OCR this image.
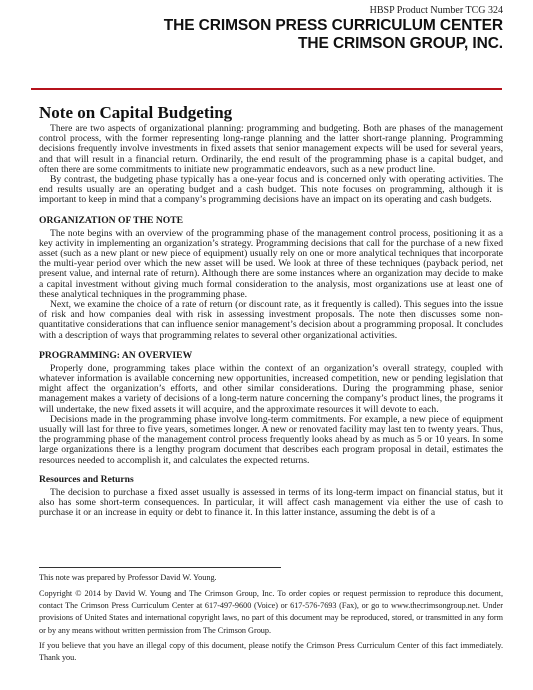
HBSP Product Number TCG 324
THE CRIMSON PRESS CURRICULUM CENTER
THE CRIMSON GROUP, INC.
Note on Capital Budgeting

There are two aspects of organizational planning: programming and budgeting. Both are phases of the management control process, with the former representing long-range planning and the latter short-range planning. Programming decisions frequently involve investments in fixed assets that senior management expects will be used for several years, and that will result in a financial return. Ordinarily, the end result of the programming phase is a capital budget, and often there are some commitments to initiate new programmatic endeavors, such as a new product line.

By contrast, the budgeting phase typically has a one-year focus and is concerned only with operating activities. The end results usually are an operating budget and a cash budget. This note focuses on programming, although it is important to keep in mind that a company’s programming decisions have an impact on its operating and cash budgets.

ORGANIZATION OF THE NOTE

The note begins with an overview of the programming phase of the management control process, positioning it as a key activity in implementing an organization’s strategy. Programming decisions that call for the purchase of a new fixed asset (such as a new plant or new piece of equipment) usually rely on one or more analytical techniques that incorporate the multi-year period over which the new asset will be used. We look at three of these techniques (payback period, net present value, and internal rate of return). Although there are some instances where an organization may decide to make a capital investment without giving much formal consideration to the analysis, most organizations use at least one of these analytical techniques in the programming phase.

Next, we examine the choice of a rate of return (or discount rate, as it frequently is called). This segues into the issue of risk and how companies deal with risk in assessing investment proposals. The note then discusses some non-quantitative considerations that can influence senior management’s decision about a programming proposal. It concludes with a description of ways that programming relates to several other organizational activities.

PROGRAMMING: AN OVERVIEW

Properly done, programming takes place within the context of an organization’s overall strategy, coupled with whatever information is available concerning new opportunities, increased competition, new or pending legislation that might affect the organization’s efforts, and other similar considerations. During the programming phase, senior management makes a variety of decisions of a long-term nature concerning the company’s product lines, the programs it will undertake, the new fixed assets it will acquire, and the approximate resources it will devote to each.

Decisions made in the programming phase involve long-term commitments. For example, a new piece of equipment usually will last for three to five years, sometimes longer. A new or renovated facility may last ten to twenty years. Thus, the programming phase of the management control process frequently looks ahead by as much as 5 or 10 years. In some large organizations there is a lengthy program document that describes each program proposal in detail, estimates the resources needed to accomplish it, and calculates the expected returns.

Resources and Returns

The decision to purchase a fixed asset usually is assessed in terms of its long-term impact on financial status, but it also has some short-term consequences. In particular, it will affect cash management via either the use of cash to purchase it or an increase in equity or debt to finance it. In this latter instance, assuming the debt is of a

This note was prepared by Professor David W. Young.
Copyright © 2014 by David W. Young and The Crimson Group, Inc. To order copies or request permission to reproduce this document, contact The Crimson Press Curriculum Center at 617-497-9600 (Voice) or 617-576-7693 (Fax), or go to www.thecrimsongroup.net. Under provisions of United States and international copyright laws, no part of this document may be reproduced, stored, or transmitted in any form or by any means without written permission from The Crimson Group.
If you believe that you have an illegal copy of this document, please notify the Crimson Press Curriculum Center of this fact immediately. Thank you.
